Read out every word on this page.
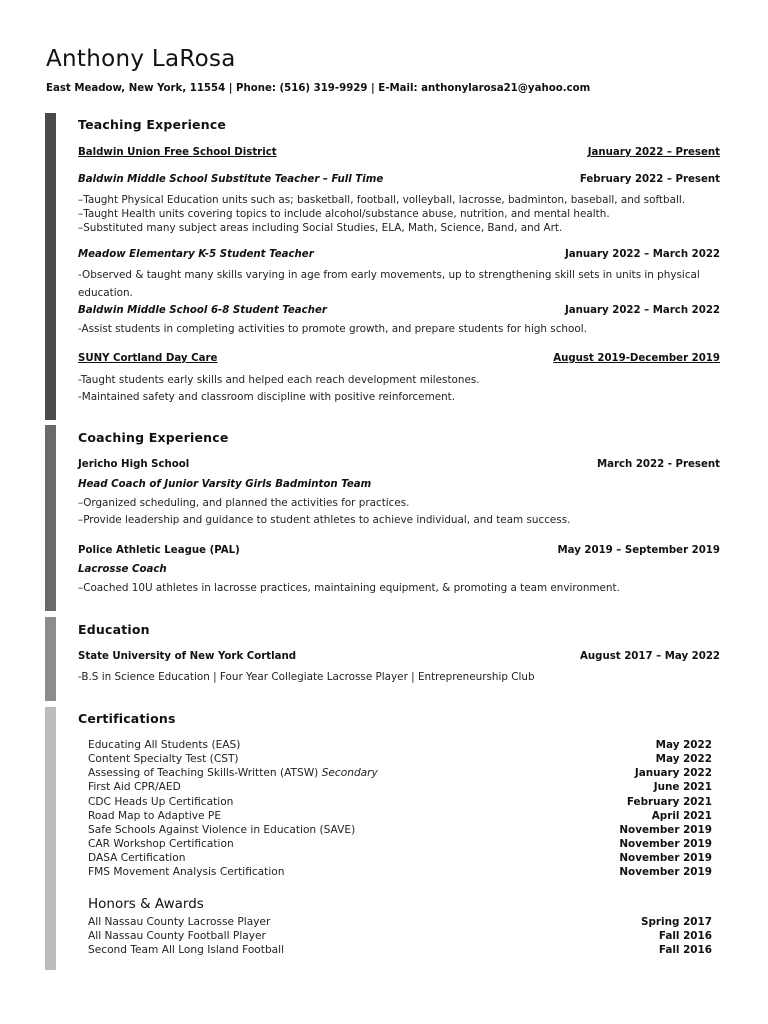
Anthony LaRosa
East Meadow, New York, 11554 | Phone: (516) 319-9929 | E-Mail: anthonylarosa21@yahoo.com
Teaching Experience
Baldwin Union Free School District	January 2022 – Present
Baldwin Middle School Substitute Teacher – Full Time	February 2022 – Present
–Taught Physical Education units such as; basketball, football, volleyball, lacrosse, badminton, baseball, and softball.
–Taught Health units covering topics to include alcohol/substance abuse, nutrition, and mental health.
–Substituted many subject areas including Social Studies, ELA, Math, Science, Band, and Art.
Meadow Elementary K-5 Student Teacher	January 2022 – March 2022
-Observed & taught many skills varying in age from early movements, up to strengthening skill sets in units in physical education.
Baldwin Middle School 6-8 Student Teacher	January 2022 – March 2022
-Assist students in completing activities to promote growth, and prepare students for high school.
SUNY Cortland Day Care	August 2019-December 2019
-Taught students early skills and helped each reach development milestones.
-Maintained safety and classroom discipline with positive reinforcement.
Coaching Experience
Jericho High School	March 2022 - Present
Head Coach of Junior Varsity Girls Badminton Team
–Organized scheduling, and planned the activities for practices.
–Provide leadership and guidance to student athletes to achieve individual, and team success.
Police Athletic League (PAL)	May 2019 – September 2019
Lacrosse Coach
–Coached 10U athletes in lacrosse practices, maintaining equipment, & promoting a team environment.
Education
State University of New York Cortland	August 2017 – May 2022
-B.S in Science Education | Four Year Collegiate Lacrosse Player | Entrepreneurship Club
Certifications
Educating All Students (EAS)	May 2022
Content Specialty Test (CST)	May 2022
Assessing of Teaching Skills-Written (ATSW) Secondary	January 2022
First Aid CPR/AED	June 2021
CDC Heads Up Certification	February 2021
Road Map to Adaptive PE	April 2021
Safe Schools Against Violence in Education (SAVE)	November 2019
CAR Workshop Certification	November 2019
DASA Certification	November 2019
FMS Movement Analysis Certification	November 2019
Honors & Awards
All Nassau County Lacrosse Player	Spring 2017
All Nassau County Football Player	Fall 2016
Second Team All Long Island Football	Fall 2016
